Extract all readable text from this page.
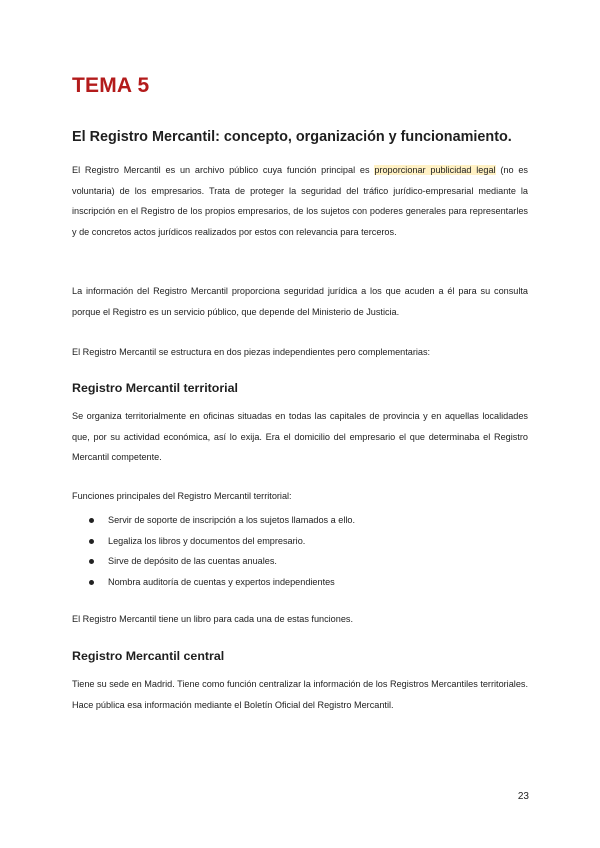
TEMA 5
El Registro Mercantil: concepto, organización y funcionamiento.

El Registro Mercantil es un archivo público cuya función principal es proporcionar publicidad legal (no es voluntaria) de los empresarios. Trata de proteger la seguridad del tráfico jurídico-empresarial mediante la inscripción en el Registro de los propios empresarios, de los sujetos con poderes generales para representarles y de concretos actos jurídicos realizados por estos con relevancia para terceros.

La información del Registro Mercantil proporciona seguridad jurídica a los que acuden a él para su consulta porque el Registro es un servicio público, que depende del Ministerio de Justicia.

El Registro Mercantil se estructura en dos piezas independientes pero complementarias:

Registro Mercantil territorial

Se organiza territorialmente en oficinas situadas en todas las capitales de provincia y en aquellas localidades que, por su actividad económica, así lo exija. Era el domicilio del empresario el que determinaba el Registro Mercantil competente.

Funciones principales del Registro Mercantil territorial:

Servir de soporte de inscripción a los sujetos llamados a ello.
Legaliza los libros y documentos del empresario.
Sirve de depósito de las cuentas anuales.
Nombra auditoría de cuentas y expertos independientes

El Registro Mercantil tiene un libro para cada una de estas funciones.

Registro Mercantil central

Tiene su sede en Madrid. Tiene como función centralizar la información de los Registros Mercantiles territoriales. Hace pública esa información mediante el Boletín Oficial del Registro Mercantil.

23
